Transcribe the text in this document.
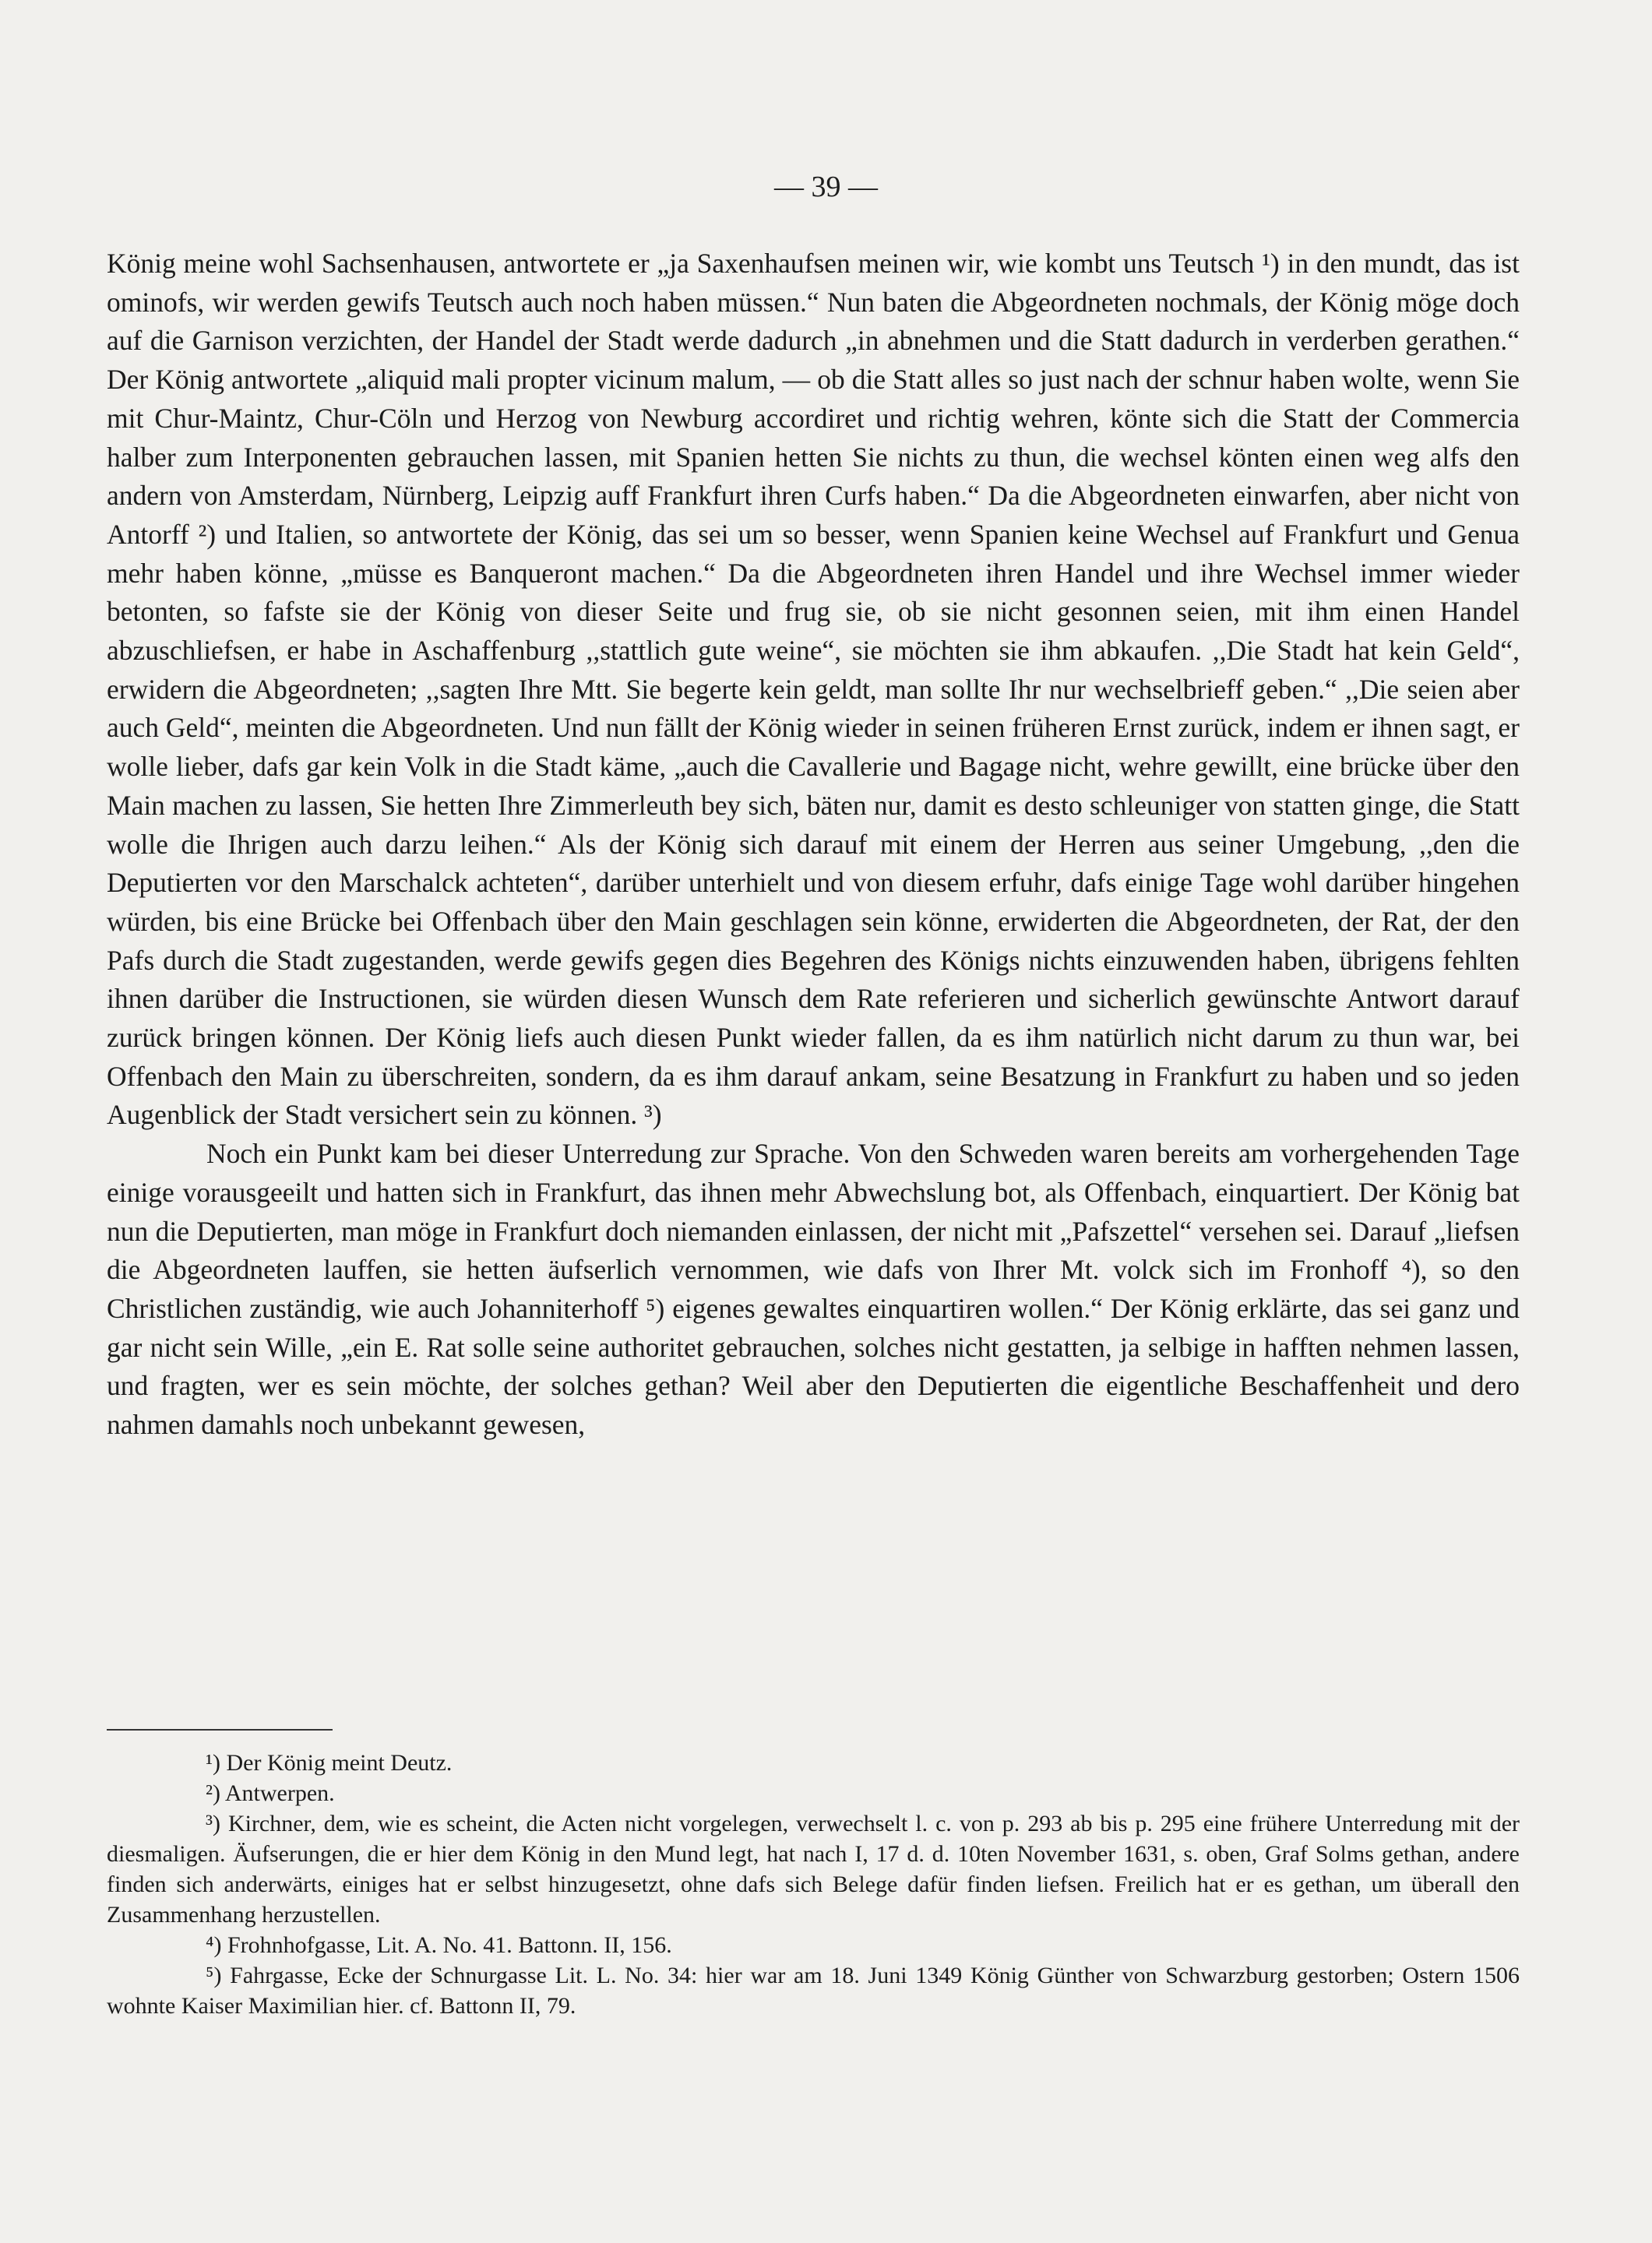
— 39 —

König meine wohl Sachsenhausen, antwortete er „ja Saxenhaufsen meinen wir, wie kombt uns Teutsch ¹) in den mundt, das ist ominofs, wir werden gewifs Teutsch auch noch haben müssen.“ Nun baten die Abgeordneten nochmals, der König möge doch auf die Garnison verzichten, der Handel der Stadt werde dadurch „in abnehmen und die Statt dadurch in verderben gerathen.“ Der König antwortete „aliquid mali propter vicinum malum, — ob die Statt alles so just nach der schnur haben wolte, wenn Sie mit Chur-Maintz, Chur-Cöln und Herzog von Newburg accordiret und richtig wehren, könte sich die Statt der Commercia halber zum Interponenten gebrauchen lassen, mit Spanien hetten Sie nichts zu thun, die wechsel könten einen weg alfs den andern von Amsterdam, Nürnberg, Leipzig auff Frankfurt ihren Curfs haben.“ Da die Abgeordneten einwarfen, aber nicht von Antorff ²) und Italien, so antwortete der König, das sei um so besser, wenn Spanien keine Wechsel auf Frankfurt und Genua mehr haben könne, „müsse es Banqueront machen.“ Da die Abgeordneten ihren Handel und ihre Wechsel immer wieder betonten, so fafste sie der König von dieser Seite und frug sie, ob sie nicht gesonnen seien, mit ihm einen Handel abzuschliefsen, er habe in Aschaffenburg ,,stattlich gute weine“, sie möchten sie ihm abkaufen. ,,Die Stadt hat kein Geld“, erwidern die Abgeordneten; ,,sagten Ihre Mtt. Sie begerte kein geldt, man sollte Ihr nur wechselbrieff geben.“ ,,Die seien aber auch Geld“, meinten die Abgeordneten. Und nun fällt der König wieder in seinen früheren Ernst zurück, indem er ihnen sagt, er wolle lieber, dafs gar kein Volk in die Stadt käme, „auch die Cavallerie und Bagage nicht, wehre gewillt, eine brücke über den Main machen zu lassen, Sie hetten Ihre Zimmerleuth bey sich, bäten nur, damit es desto schleuniger von statten ginge, die Statt wolle die Ihrigen auch darzu leihen.“ Als der König sich darauf mit einem der Herren aus seiner Umgebung, ,,den die Deputierten vor den Marschalck achteten“, darüber unterhielt und von diesem erfuhr, dafs einige Tage wohl darüber hingehen würden, bis eine Brücke bei Offenbach über den Main geschlagen sein könne, erwiderten die Abgeordneten, der Rat, der den Pafs durch die Stadt zugestanden, werde gewifs gegen dies Begehren des Königs nichts einzuwenden haben, übrigens fehlten ihnen darüber die Instructionen, sie würden diesen Wunsch dem Rate referieren und sicherlich gewünschte Antwort darauf zurück bringen können. Der König liefs auch diesen Punkt wieder fallen, da es ihm natürlich nicht darum zu thun war, bei Offenbach den Main zu überschreiten, sondern, da es ihm darauf ankam, seine Besatzung in Frankfurt zu haben und so jeden Augenblick der Stadt versichert sein zu können. ³)

Noch ein Punkt kam bei dieser Unterredung zur Sprache. Von den Schweden waren bereits am vorhergehenden Tage einige vorausgeeilt und hatten sich in Frankfurt, das ihnen mehr Abwechslung bot, als Offenbach, einquartiert. Der König bat nun die Deputierten, man möge in Frankfurt doch niemanden einlassen, der nicht mit „Pafszettel“ versehen sei. Darauf „liefsen die Abgeordneten lauffen, sie hetten äufserlich vernommen, wie dafs von Ihrer Mt. volck sich im Fronhoff ⁴), so den Christlichen zuständig, wie auch Johanniterhoff ⁵) eigenes gewaltes einquartiren wollen.“ Der König erklärte, das sei ganz und gar nicht sein Wille, „ein E. Rat solle seine authoritet gebrauchen, solches nicht gestatten, ja selbige in hafften nehmen lassen, und fragten, wer es sein möchte, der solches gethan? Weil aber den Deputierten die eigentliche Beschaffenheit und dero nahmen damahls noch unbekannt gewesen,

¹) Der König meint Deutz.

²) Antwerpen.

³) Kirchner, dem, wie es scheint, die Acten nicht vorgelegen, verwechselt l. c. von p. 293 ab bis p. 295 eine frühere Unterredung mit der diesmaligen. Äufserungen, die er hier dem König in den Mund legt, hat nach I, 17 d. d. 10ten November 1631, s. oben, Graf Solms gethan, andere finden sich anderwärts, einiges hat er selbst hinzugesetzt, ohne dafs sich Belege dafür finden liefsen. Freilich hat er es gethan, um überall den Zusammenhang herzustellen.

⁴) Frohnhofgasse, Lit. A. No. 41. Battonn. II, 156.

⁵) Fahrgasse, Ecke der Schnurgasse Lit. L. No. 34: hier war am 18. Juni 1349 König Günther von Schwarzburg gestorben; Ostern 1506 wohnte Kaiser Maximilian hier. cf. Battonn II, 79.
